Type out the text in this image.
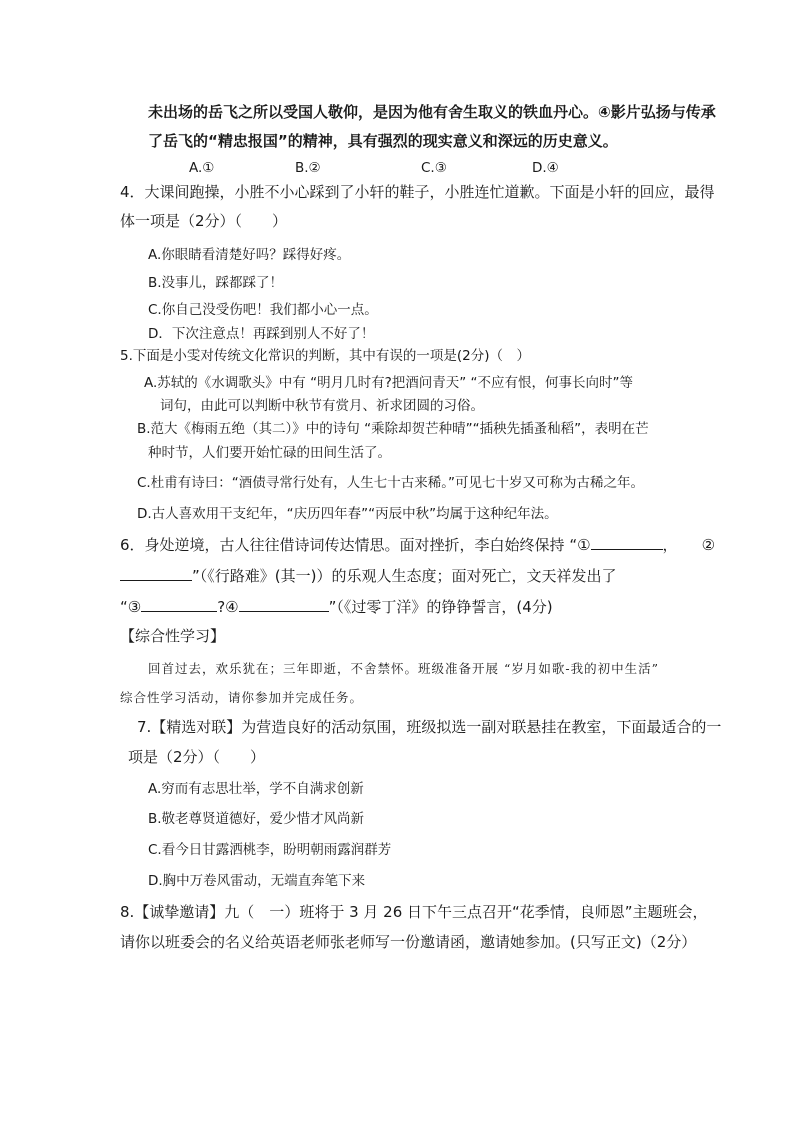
未出场的岳飞之所以受国人敬仰，是因为他有舍生取义的铁血丹心。④影片弘扬与传承
了岳飞的“精忠报国”的精神，具有强烈的现实意义和深远的历史意义。
A.①	B.②	C.③	D.④
4．大课间跑操，小胜不小心踩到了小轩的鞋子，小胜连忙道歉。下面是小轩的回应，最得
体一项是（2分）（　　）
A.你眼睛看清楚好吗？踩得好疼。
B.没事儿，踩都踩了！
C.你自己没受伤吧！我们都小心一点。
D．下次注意点！再踩到别人不好了！
5.下面是小雯对传统文化常识的判断，其中有误的一项是(2分)（　）
A.苏轼的《水调歌头》中有 “明月几时有?把酒问青天” “不应有恨，何事长向时”等
词句，由此可以判断中秋节有赏月、祈求团圆的习俗。
B.范大《梅雨五绝（其二）》中的诗句 “乘除却贺芒种晴”“插秧先插蚤秈稻”，表明在芒
种时节，人们要开始忙碌的田间生活了。
C.杜甫有诗曰：“酒债寻常行处有，人生七十古来稀。”可见七十岁又可称为古稀之年。
D.古人喜欢用干支纪年，“庆历四年春”“丙辰中秋”均属于这种纪年法。
6．身处逆境，古人往往借诗词传达情思。面对挫折，李白始终保持 “①	， ②
”（《行路难》(其一)）的乐观人生态度；面对死亡，文天祥发出了
“③	?④	”（《过零丁洋》的铮铮誓言，(4分)
【综合性学习】
回首过去，欢乐犹在；三年即逝，不舍禁怀。班级准备开展 “岁月如歌-我的初中生活”
综合性学习活动，请你参加并完成任务。
7.【精选对联】为营造良好的活动氛围，班级拟选一副对联悬挂在教室，下面最适合的一
项是（2分）（　　）
A.穷而有志思壮举，学不自满求创新
B.敬老尊贤道德好，爱少惜才风尚新
C.看今日甘露洒桃李，盼明朝雨露润群芳
D.胸中万卷风雷动，无端直奔笔下来
8.【诚挚邀请】九（　一）班将于 3 月 26 日下午三点召开“花季情，良师恩”主题班会，
请你以班委会的名义给英语老师张老师写一份邀请函，邀请她参加。(只写正文)（2分）
